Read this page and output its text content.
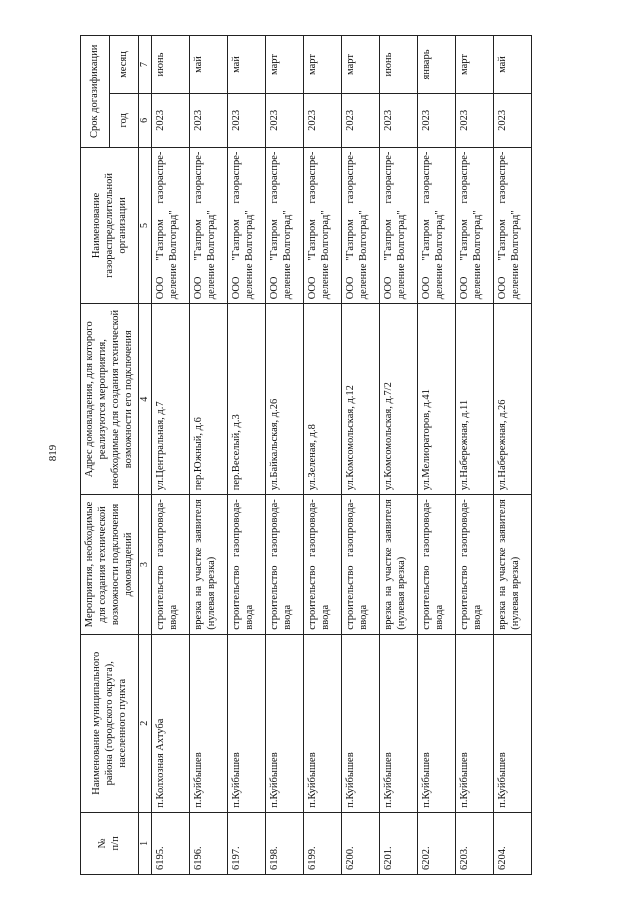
819
№
п/п	Наименование муниципального района (городского округа), населенного пункта	Мероприятия, необходимые для создания технической возможности подключения домовладений	Адрес домовладения, для которого реализуются мероприятия, необходимые для создания технической возможности его подключения	Наименование газораспределительной организации	Срок догазификации	
					год	месяц
1	2	3	4	5	6	7
6195.	п.Колхозная Ахтуба	строительство газопровода-ввода	ул.Центральная, д.7	ООО "Газпром газораспре-деление Волгоград"	2023	июнь
6196.	п.Куйбышев	врезка на участке заявителя (нулевая врезка)	пер.Южный, д.6	ООО "Газпром газораспре-деление Волгоград"	2023	май
6197.	п.Куйбышев	строительство газопровода-ввода	пер.Веселый, д.3	ООО "Газпром газораспре-деление Волгоград"	2023	май
6198.	п.Куйбышев	строительство газопровода-ввода	ул.Байкальская, д.26	ООО "Газпром газораспре-деление Волгоград"	2023	март
6199.	п.Куйбышев	строительство газопровода-ввода	ул.Зеленая, д.8	ООО "Газпром газораспре-деление Волгоград"	2023	март
6200.	п.Куйбышев	строительство газопровода-ввода	ул.Комсомольская, д.12	ООО "Газпром газораспре-деление Волгоград"	2023	март
6201.	п.Куйбышев	врезка на участке заявителя (нулевая врезка)	ул.Комсомольская, д.7/2	ООО "Газпром газораспре-деление Волгоград"	2023	июнь
6202.	п.Куйбышев	строительство газопровода-ввода	ул.Мелиораторов, д.41	ООО "Газпром газораспре-деление Волгоград"	2023	январь
6203.	п.Куйбышев	строительство газопровода-ввода	ул.Набережная, д.11	ООО "Газпром газораспре-деление Волгоград"	2023	март
6204.	п.Куйбышев	врезка на участке заявителя (нулевая врезка)	ул.Набережная, д.26	ООО "Газпром газораспре-деление Волгоград"	2023	май
